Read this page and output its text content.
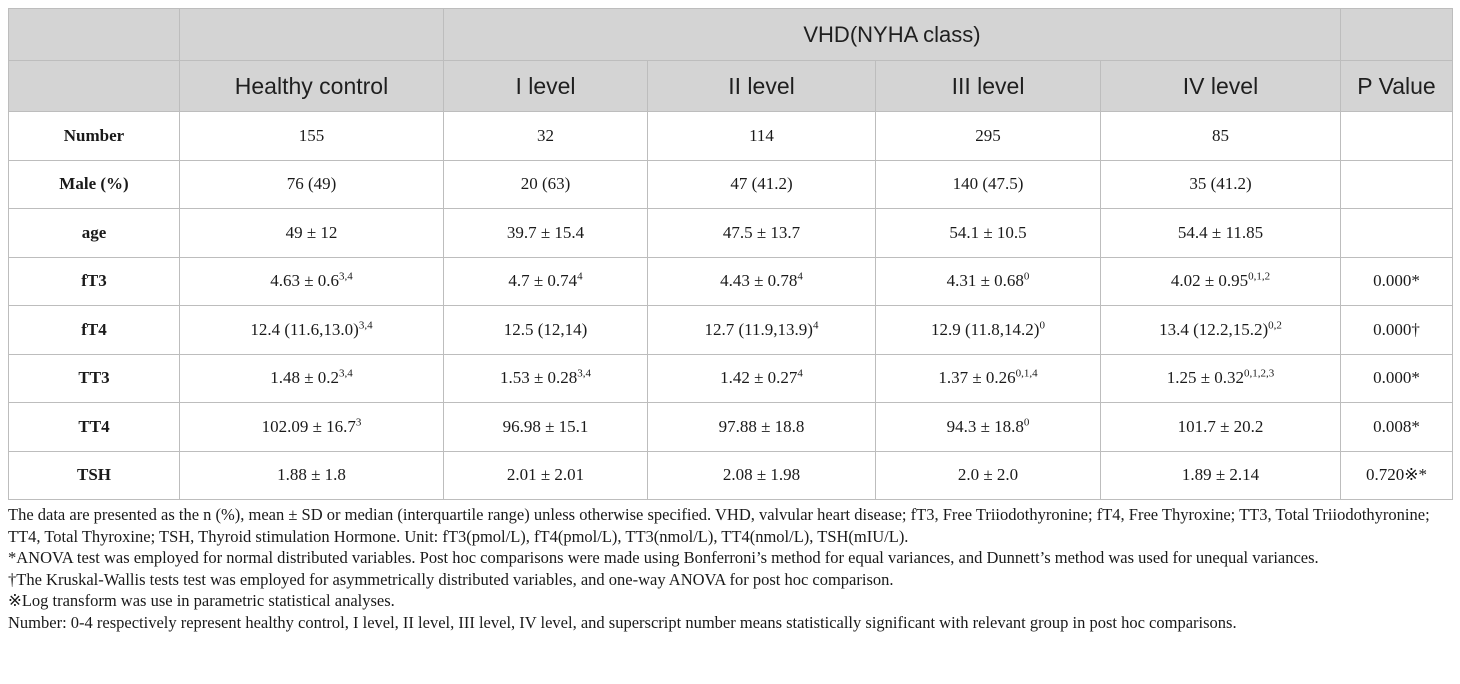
		VHD(NYHA class)				
	Healthy control	I level	II level	III level	IV level	P Value
Number	155	32	114	295	85	
Male (%)	76 (49)	20 (63)	47 (41.2)	140 (47.5)	35 (41.2)	
age	49 ± 12	39.7 ± 15.4	47.5 ± 13.7	54.1 ± 10.5	54.4 ± 11.85	
fT3	$4.63 \pm 0.6^{3,4}$	$4.7 \pm 0.74^4$	$4.43 \pm 0.78^4$	$4.31 \pm 0.68^0$	$4.02 \pm 0.95^{0,1,2}$	0.000*
fT4	12.4 $(11.6,13.0)^{3,4}$	12.5 (12,14)	12.7 $(11.9,13.9)^4$	12.9 $(11.8,14.2)^0$	13.4 $(12.2,15.2)^{0,2}$	0.000†
TT3	$1.48 \pm 0.2^{3,4}$	$1.53 \pm 0.28^{3,4}$	$1.42 \pm 0.27^4$	$1.37 \pm 0.26^{0,1,4}$	$1.25 \pm 0.32^{0,1,2,3}$	0.000*
TT4	$102.09 \pm 16.7^3$	96.98 ± 15.1	97.88 ± 18.8	$94.3 \pm 18.8^0$	101.7 ± 20.2	0.008*
TSH	1.88 ± 1.8	2.01 ± 2.01	2.08 ± 1.98	2.0 ± 2.0	1.89 ± 2.14	0.720※*

The data are presented as the n (%), mean ± SD or median (interquartile range) unless otherwise specified. VHD, valvular heart disease; fT3, Free Triiodothyronine; fT4, Free Thyroxine; TT3, Total Triiodothyronine; TT4, Total Thyroxine; TSH, Thyroid stimulation Hormone. Unit: fT3(pmol/L), fT4(pmol/L), TT3(nmol/L), TT4(nmol/L), TSH(mIU/L).

*ANOVA test was employed for normal distributed variables. Post hoc comparisons were made using Bonferroni’s method for equal variances, and Dunnett’s method was used for unequal variances.

†The Kruskal-Wallis tests test was employed for asymmetrically distributed variables, and one-way ANOVA for post hoc comparison.

※Log transform was use in parametric statistical analyses.

Number: 0-4 respectively represent healthy control, I level, II level, III level, IV level, and superscript number means statistically significant with relevant group in post hoc comparisons.
